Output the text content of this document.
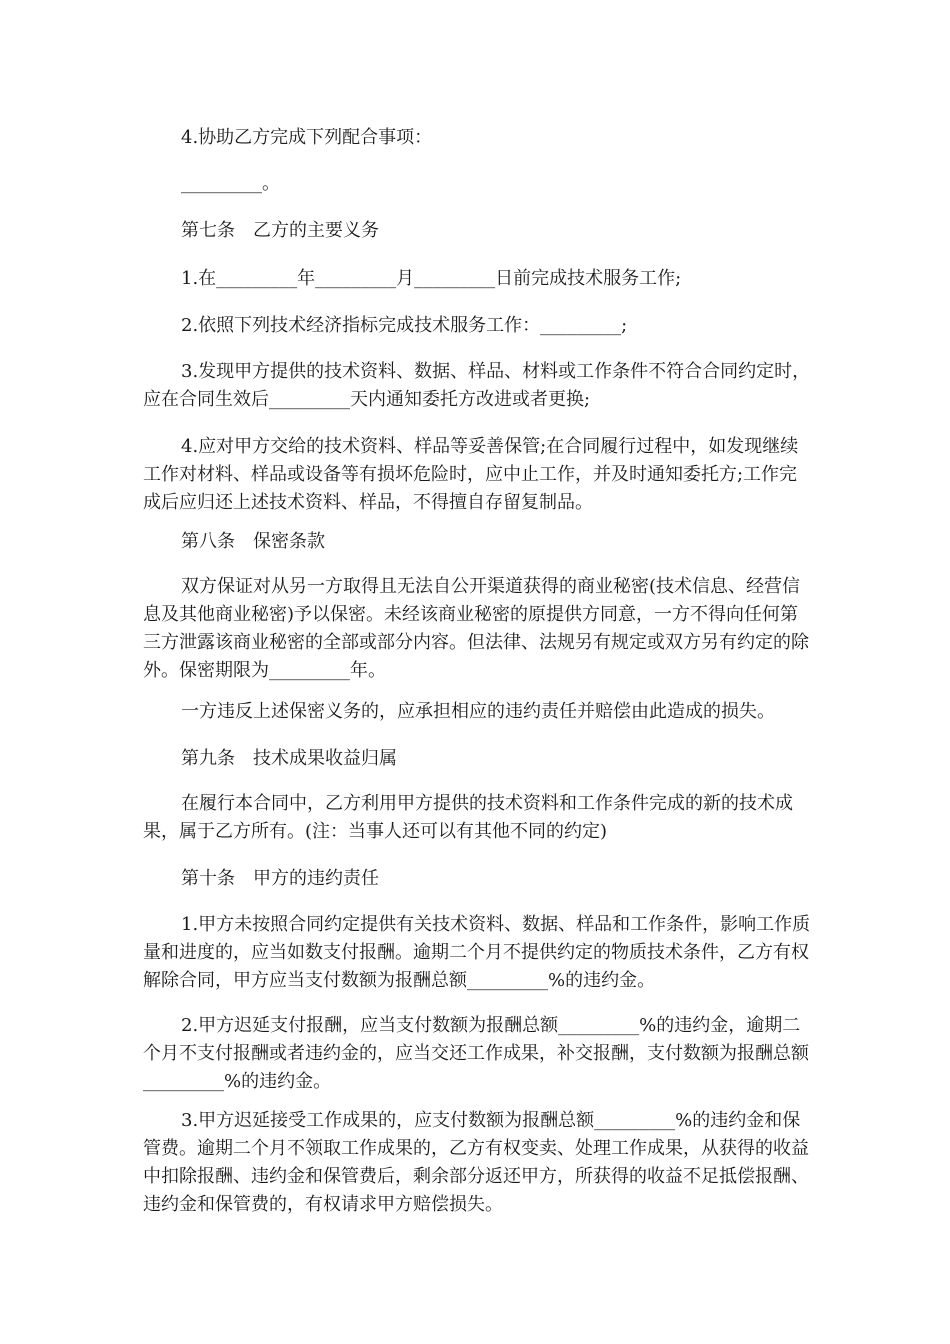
4.协助乙方完成下列配合事项：

_________。

第七条　乙方的主要义务

1.在_________年_________月_________日前完成技术服务工作;

2.依照下列技术经济指标完成技术服务工作：_________;

3.发现甲方提供的技术资料、数据、样品、材料或工作条件不符合合同约定时，应在合同生效后_________天内通知委托方改进或者更换;

4.应对甲方交给的技术资料、样品等妥善保管;在合同履行过程中，如发现继续工作对材料、样品或设备等有损坏危险时，应中止工作，并及时通知委托方;工作完成后应归还上述技术资料、样品，不得擅自存留复制品。

第八条　保密条款

双方保证对从另一方取得且无法自公开渠道获得的商业秘密(技术信息、经营信息及其他商业秘密)予以保密。未经该商业秘密的原提供方同意，一方不得向任何第三方泄露该商业秘密的全部或部分内容。但法律、法规另有规定或双方另有约定的除外。保密期限为_________年。

一方违反上述保密义务的，应承担相应的违约责任并赔偿由此造成的损失。

第九条　技术成果收益归属

在履行本合同中，乙方利用甲方提供的技术资料和工作条件完成的新的技术成果，属于乙方所有。(注：当事人还可以有其他不同的约定)

第十条　甲方的违约责任

1.甲方未按照合同约定提供有关技术资料、数据、样品和工作条件，影响工作质量和进度的，应当如数支付报酬。逾期二个月不提供约定的物质技术条件，乙方有权解除合同，甲方应当支付数额为报酬总额_________%的违约金。

2.甲方迟延支付报酬，应当支付数额为报酬总额_________%的违约金，逾期二个月不支付报酬或者违约金的，应当交还工作成果，补交报酬，支付数额为报酬总额_________%的违约金。

3.甲方迟延接受工作成果的，应支付数额为报酬总额_________%的违约金和保管费。逾期二个月不领取工作成果的，乙方有权变卖、处理工作成果，从获得的收益中扣除报酬、违约金和保管费后，剩余部分返还甲方，所获得的收益不足抵偿报酬、违约金和保管费的，有权请求甲方赔偿损失。
